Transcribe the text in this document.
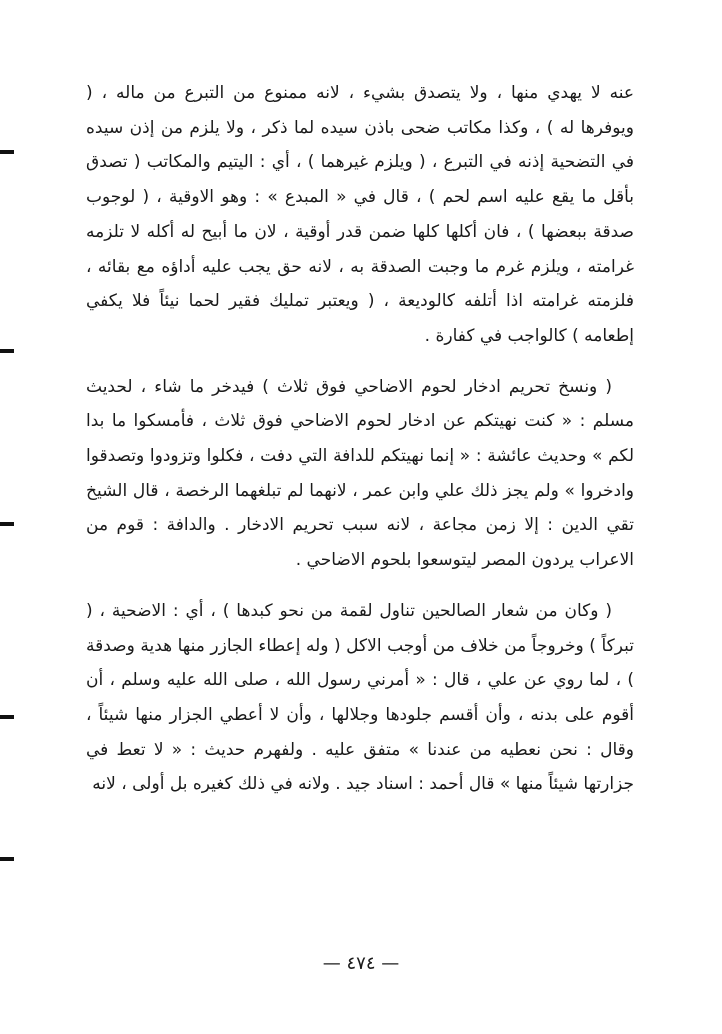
عنه لا يهدي منها ، ولا يتصدق بشيء ، لانه ممنوع من التبرع من ماله ، ( ويوفرها له ) ، وكذا مكاتب ضحى باذن سيده لما ذكر ، ولا يلزم من إذن سيده في التضحية إذنه في التبرع ، ( ويلزم غيرهما ) ، أي : اليتيم والمكاتب ( تصدق بأقل ما يقع عليه اسم لحم ) ، قال في « المبدع » : وهو الاوقية ، ( لوجوب صدقة ببعضها ) ، فان أكلها كلها ضمن قدر أوقية ، لان ما أبيح له أكله لا تلزمه غرامته ، ويلزم غرم ما وجبت الصدقة به ، لانه حق يجب عليه أداؤه مع بقائه ، فلزمته غرامته اذا أتلفه كالوديعة ، ( ويعتبر تمليك فقير لحما نيئاً فلا يكفي إطعامه ) كالواجب في كفارة .

( ونسخ تحريم ادخار لحوم الاضاحي فوق ثلاث ) فيدخر ما شاء ، لحديث مسلم : « كنت نهيتكم عن ادخار لحوم الاضاحي فوق ثلاث ، فأمسكوا ما بدا لكم » وحديث عائشة : « إنما نهيتكم للدافة التي دفت ، فكلوا وتزودوا وتصدقوا وادخروا » ولم يجز ذلك علي وابن عمر ، لانهما لم تبلغهما الرخصة ، قال الشيخ تقي الدين : إلا زمن مجاعة ، لانه سبب تحريم الادخار . والدافة : قوم من الاعراب يردون المصر ليتوسعوا بلحوم الاضاحي .

( وكان من شعار الصالحين تناول لقمة من نحو كبدها ) ، أي : الاضحية ، ( تبركاً ) وخروجاً من خلاف من أوجب الاكل ( وله إعطاء الجازر منها هدية وصدقة ) ، لما روي عن علي ، قال : « أمرني رسول الله ، صلى الله عليه وسلم ، أن أقوم على بدنه ، وأن أقسم جلودها وجلالها ، وأن لا أعطي الجزار منها شيئاً ، وقال : نحن نعطيه من عندنا » متفق عليه . ولفهرم حديث : « لا تعط في جزارتها شيئاً منها » قال أحمد : اسناد جيد . ولانه في ذلك كغيره بل أولى ، لانه

— ٤٧٤ —
